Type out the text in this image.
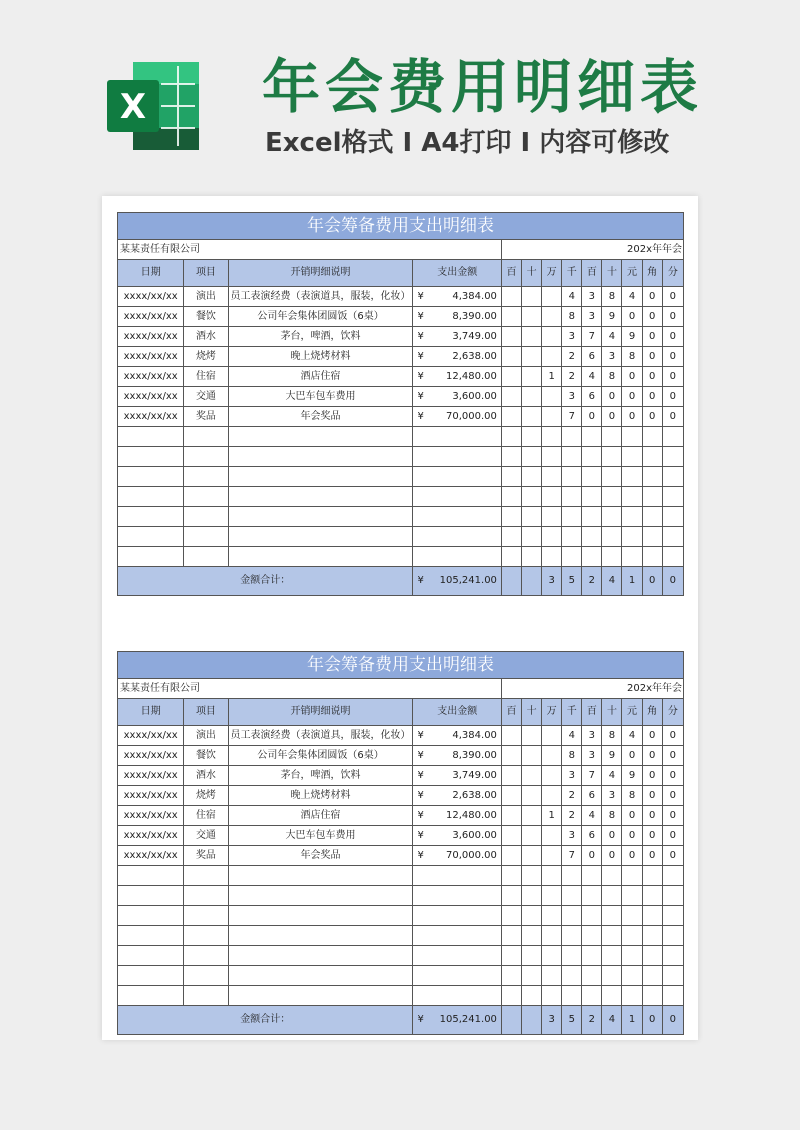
X 年会费用明细表
Excel格式 I A4打印 I 内容可修改
年会筹备费用支出明细表													
某某责任有限公司					202x年年会								
日期	项目	开销明细说明	支出金额		百	十	万	千	百	十	元	角	分
xxxx/xx/xx	演出	员工表演经费（表演道具，服装，化妆）	¥	4,384.00				4	3	8	4	0	0
xxxx/xx/xx	餐饮	公司年会集体团圆饭（6桌）	¥	8,390.00				8	3	9	0	0	0
xxxx/xx/xx	酒水	茅台，啤酒，饮料	¥	3,749.00				3	7	4	9	0	0
xxxx/xx/xx	烧烤	晚上烧烤材料	¥	2,638.00				2	6	3	8	0	0
xxxx/xx/xx	住宿	酒店住宿	¥	12,480.00			1	2	4	8	0	0	0
xxxx/xx/xx	交通	大巴车包车费用	¥	3,600.00				3	6	0	0	0	0
xxxx/xx/xx	奖品	年会奖品	¥	70,000.00				7	0	0	0	0	0

金额合计：			¥	105,241.00			3	5	2	4	1	0	0
年会筹备费用支出明细表													
某某责任有限公司					202x年年会								
日期	项目	开销明细说明	支出金额		百	十	万	千	百	十	元	角	分
xxxx/xx/xx	演出	员工表演经费（表演道具，服装，化妆）	¥	4,384.00				4	3	8	4	0	0
xxxx/xx/xx	餐饮	公司年会集体团圆饭（6桌）	¥	8,390.00				8	3	9	0	0	0
xxxx/xx/xx	酒水	茅台，啤酒，饮料	¥	3,749.00				3	7	4	9	0	0
xxxx/xx/xx	烧烤	晚上烧烤材料	¥	2,638.00				2	6	3	8	0	0
xxxx/xx/xx	住宿	酒店住宿	¥	12,480.00			1	2	4	8	0	0	0
xxxx/xx/xx	交通	大巴车包车费用	¥	3,600.00				3	6	0	0	0	0
xxxx/xx/xx	奖品	年会奖品	¥	70,000.00				7	0	0	0	0	0

金额合计：			¥	105,241.00			3	5	2	4	1	0	0
